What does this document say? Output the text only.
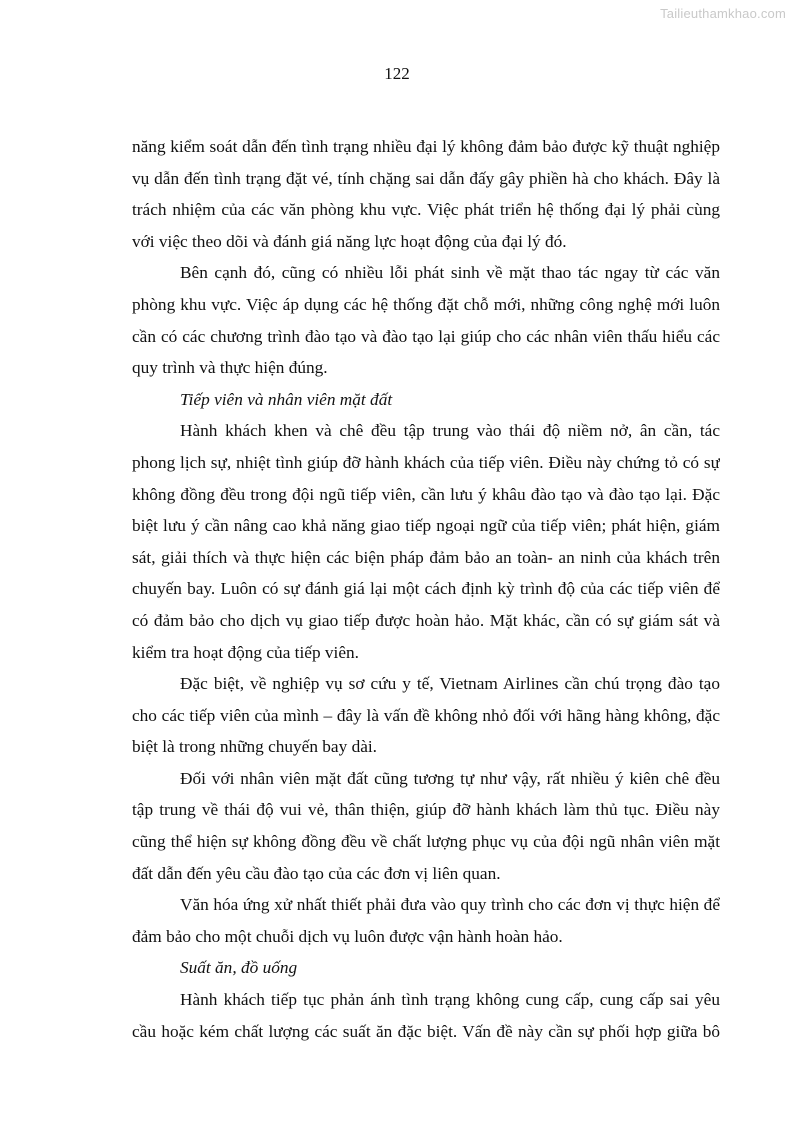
Tailieuthamkhao.com
122
năng kiểm soát dẫn đến tình trạng nhiều đại lý không đảm bảo được kỹ thuật nghiệp
vụ dẫn đến tình trạng đặt vé, tính chặng sai dẫn đấy gây phiền hà cho khách. Đây là
trách nhiệm của các văn phòng khu vực. Việc phát triển hệ thống đại lý phải cùng
với việc theo dõi và đánh giá năng lực hoạt động của đại lý đó.
Bên cạnh đó, cũng có nhiều lỗi phát sinh về mặt thao tác ngay từ các văn
phòng khu vực. Việc áp dụng các hệ thống đặt chỗ mới, những công nghệ mới luôn
cần có các chương trình đào tạo và đào tạo lại giúp cho các nhân viên thấu hiểu các
quy trình và thực hiện đúng.
Tiếp viên và nhân viên mặt đất
Hành khách khen và chê đều tập trung vào thái độ niềm nở, ân cần, tác
phong lịch sự, nhiệt tình giúp đỡ hành khách của tiếp viên. Điều này chứng tỏ có sự
không đồng đều trong đội ngũ tiếp viên, cần lưu ý khâu đào tạo và đào tạo lại. Đặc
biệt lưu ý cần nâng cao khả năng giao tiếp ngoại ngữ của tiếp viên; phát hiện, giám
sát, giải thích và thực hiện các biện pháp đảm bảo an toàn- an ninh của khách trên
chuyến bay. Luôn có sự đánh giá lại một cách định kỳ trình độ của các tiếp viên để
có đảm bảo cho dịch vụ giao tiếp được hoàn hảo. Mặt khác, cần có sự giám sát và
kiểm tra hoạt động của tiếp viên.
Đặc biệt, về nghiệp vụ sơ cứu y tế, Vietnam Airlines cần chú trọng đào tạo
cho các tiếp viên của mình – đây là vấn đề không nhỏ đối với hãng hàng không, đặc
biệt là trong những chuyến bay dài.
Đối với nhân viên mặt đất cũng tương tự như vậy, rất nhiều ý kiên chê đều
tập trung về thái độ vui vẻ, thân thiện, giúp đỡ hành khách làm thủ tục. Điều này
cũng thể hiện sự không đồng đều về chất lượng phục vụ của đội ngũ nhân viên mặt
đất dẫn đến yêu cầu đào tạo của các đơn vị liên quan.
Văn hóa ứng xử nhất thiết phải đưa vào quy trình cho các đơn vị thực hiện để
đảm bảo cho một chuỗi dịch vụ luôn được vận hành hoàn hảo.
Suất ăn, đồ uống
Hành khách tiếp tục phản ánh tình trạng không cung cấp, cung cấp sai yêu
cầu hoặc kém chất lượng các suất ăn đặc biệt. Vấn đề này cần sự phối hợp giữa bô
